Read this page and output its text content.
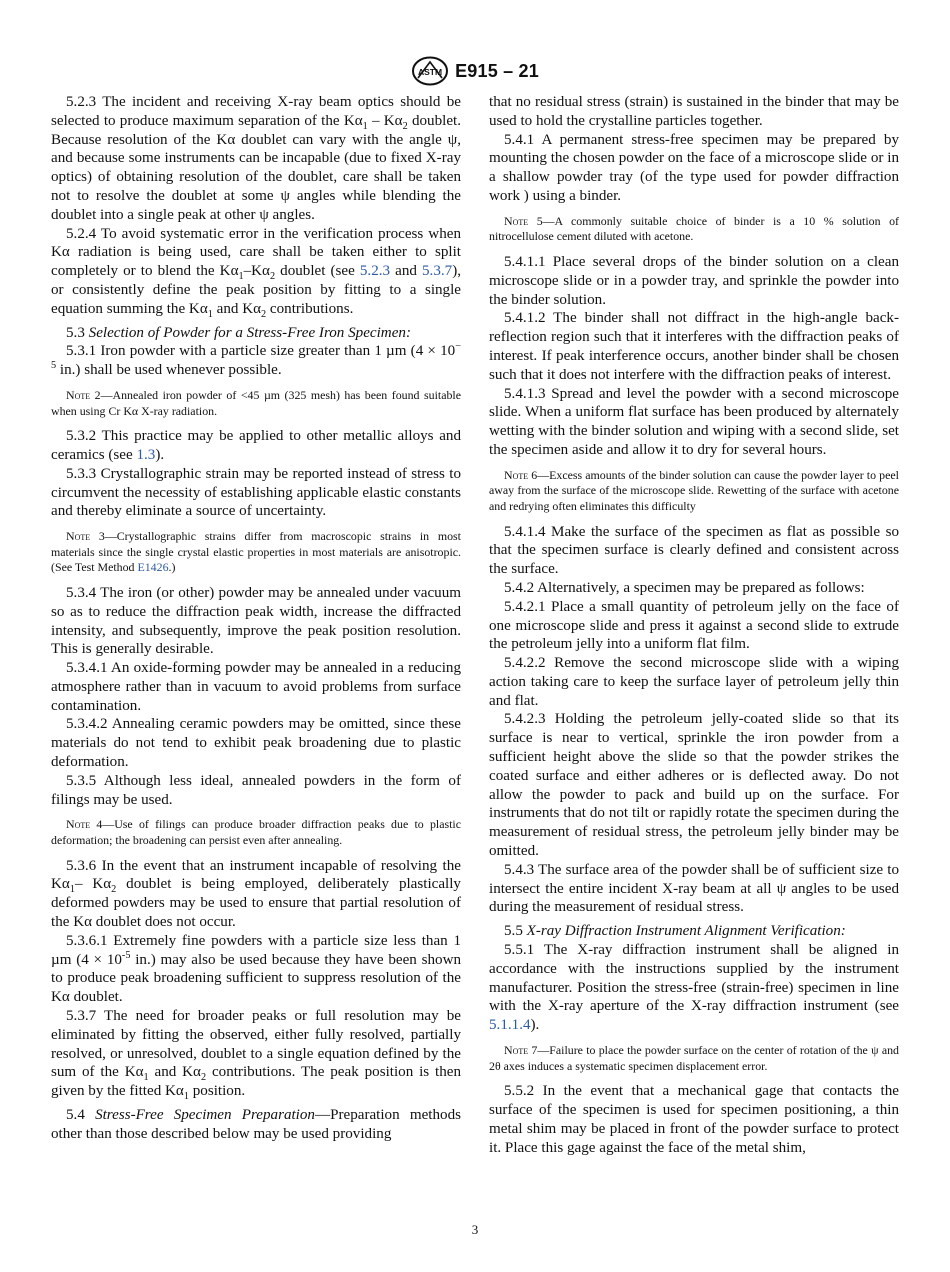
ASTM E915 – 21

5.2.3 The incident and receiving X-ray beam optics should be selected to produce maximum separation of the $K\alpha_1 - K\alpha_2$ doublet. Because resolution of the Kα doublet can vary with the angle ψ, and because some instruments can be incapable (due to fixed X-ray optics) of obtaining resolution of the doublet, care shall be taken not to resolve the doublet at some ψ angles while blending the doublet into a single peak at other ψ angles.

5.2.4 To avoid systematic error in the verification process when Kα radiation is being used, care shall be taken either to split completely or to blend the $K\alpha_1-K\alpha_2$ doublet (see 5.2.3 and 5.3.7), or consistently define the peak position by fitting to a single equation summing the $K\alpha_1$ and $K\alpha_2$ contributions.

5.3 Selection of Powder for a Stress-Free Iron Specimen:

5.3.1 Iron powder with a particle size greater than 1 µm ($4 \times 10^{- 5}$ in.) shall be used whenever possible.

Note 2—Annealed iron powder of <45 µm (325 mesh) has been found suitable when using Cr Kα X-ray radiation.

5.3.2 This practice may be applied to other metallic alloys and ceramics (see 1.3).

5.3.3 Crystallographic strain may be reported instead of stress to circumvent the necessity of establishing applicable elastic constants and thereby eliminate a source of uncertainty.

Note 3—Crystallographic strains differ from macroscopic strains in most materials since the single crystal elastic properties in most materials are anisotropic. (See Test Method E1426.)

5.3.4 The iron (or other) powder may be annealed under vacuum so as to reduce the diffraction peak width, increase the diffracted intensity, and subsequently, improve the peak position resolution. This is generally desirable.

5.3.4.1 An oxide-forming powder may be annealed in a reducing atmosphere rather than in vacuum to avoid problems from surface contamination.

5.3.4.2 Annealing ceramic powders may be omitted, since these materials do not tend to exhibit peak broadening due to plastic deformation.

5.3.5 Although less ideal, annealed powders in the form of filings may be used.

Note 4—Use of filings can produce broader diffraction peaks due to plastic deformation; the broadening can persist even after annealing.

5.3.6 In the event that an instrument incapable of resolving the $K\alpha_1-$ $K\alpha_2$ doublet is being employed, deliberately plastically deformed powders may be used to ensure that partial resolution of the Kα doublet does not occur.

5.3.6.1 Extremely fine powders with a particle size less than 1 µm ($4 \times 10^{-5}$ in.) may also be used because they have been shown to produce peak broadening sufficient to suppress resolution of the Kα doublet.

5.3.7 The need for broader peaks or full resolution may be eliminated by fitting the observed, either fully resolved, partially resolved, or unresolved, doublet to a single equation defined by the sum of the $K\alpha_1$ and $K\alpha_2$ contributions. The peak position is then given by the fitted $K\alpha_1$ position.

5.4 Stress-Free Specimen Preparation—Preparation methods other than those described below may be used providing

that no residual stress (strain) is sustained in the binder that may be used to hold the crystalline particles together.

5.4.1 A permanent stress-free specimen may be prepared by mounting the chosen powder on the face of a microscope slide or in a shallow powder tray (of the type used for powder diffraction work ) using a binder.

Note 5—A commonly suitable choice of binder is a 10 % solution of nitrocellulose cement diluted with acetone.

5.4.1.1 Place several drops of the binder solution on a clean microscope slide or in a powder tray, and sprinkle the powder into the binder solution.

5.4.1.2 The binder shall not diffract in the high-angle back-reflection region such that it interferes with the diffraction peaks of interest. If peak interference occurs, another binder shall be chosen such that it does not interfere with the diffraction peaks of interest.

5.4.1.3 Spread and level the powder with a second microscope slide. When a uniform flat surface has been produced by alternately wetting with the binder solution and wiping with a second slide, set the specimen aside and allow it to dry for several hours.

Note 6—Excess amounts of the binder solution can cause the powder layer to peel away from the surface of the microscope slide. Rewetting of the surface with acetone and redrying often eliminates this difficulty

5.4.1.4 Make the surface of the specimen as flat as possible so that the specimen surface is clearly defined and consistent across the surface.

5.4.2 Alternatively, a specimen may be prepared as follows:

5.4.2.1 Place a small quantity of petroleum jelly on the face of one microscope slide and press it against a second slide to extrude the petroleum jelly into a uniform flat film.

5.4.2.2 Remove the second microscope slide with a wiping action taking care to keep the surface layer of petroleum jelly thin and flat.

5.4.2.3 Holding the petroleum jelly-coated slide so that its surface is near to vertical, sprinkle the iron powder from a sufficient height above the slide so that the powder strikes the coated surface and either adheres or is deflected away. Do not allow the powder to pack and build up on the surface. For instruments that do not tilt or rapidly rotate the specimen during the measurement of residual stress, the petroleum jelly binder may be omitted.

5.4.3 The surface area of the powder shall be of sufficient size to intersect the entire incident X-ray beam at all ψ angles to be used during the measurement of residual stress.

5.5 X-ray Diffraction Instrument Alignment Verification:

5.5.1 The X-ray diffraction instrument shall be aligned in accordance with the instructions supplied by the instrument manufacturer. Position the stress-free (strain-free) specimen in line with the X-ray aperture of the X-ray diffraction instrument (see 5.1.1.4).

Note 7—Failure to place the powder surface on the center of rotation of the ψ and 2θ axes induces a systematic specimen displacement error.

5.5.2 In the event that a mechanical gage that contacts the surface of the specimen is used for specimen positioning, a thin metal shim may be placed in front of the powder surface to protect it. Place this gage against the face of the metal shim,

3
